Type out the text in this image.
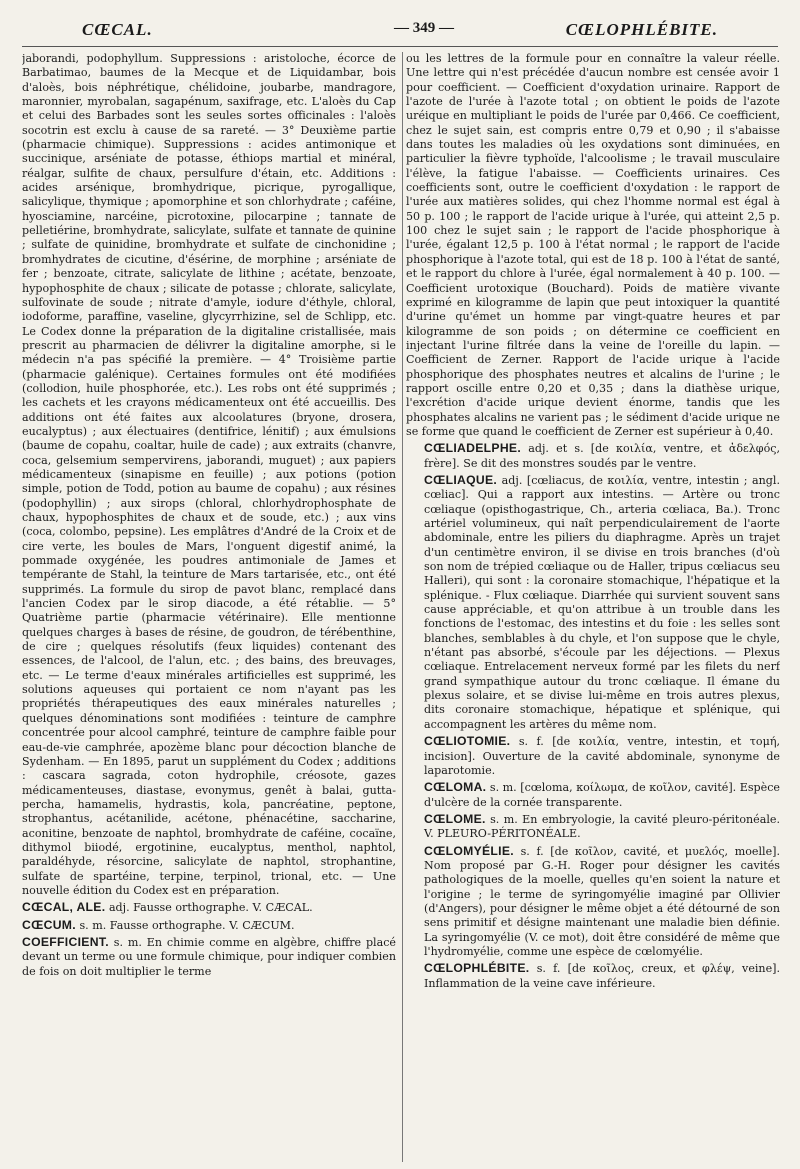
CŒCAL.	— 349 —	CŒLOPHLÉBITE.

jaborandi, podophyllum. Suppressions : aristoloche, écorce de Barbatimao, baumes de la Mecque et de Liquidambar, bois d'aloès, bois néphrétique, chélidoine, joubarbe, mandragore, maronnier, myrobalan, sagapénum, saxifrage, etc. L'aloès du Cap et celui des Barbades sont les seules sortes officinales : l'aloès socotrin est exclu à cause de sa rareté. — 3° Deuxième partie (pharmacie chimique). Suppressions : acides antimonique et succinique, arséniate de potasse, éthiops martial et minéral, réalgar, sulfite de chaux, persulfure d'étain, etc. Additions : acides arsénique, bromhydrique, picrique, pyrogallique, salicylique, thymique ; apomorphine et son chlorhydrate ; caféine, hyosciamine, narcéine, picrotoxine, pilocarpine ; tannate de pelletiérine, bromhydrate, salicylate, sulfate et tannate de quinine ; sulfate de quinidine, bromhydrate et sulfate de cinchonidine ; bromhydrates de cicutine, d'ésérine, de morphine ; arséniate de fer ; benzoate, citrate, salicylate de lithine ; acétate, benzoate, hypophosphite de chaux ; silicate de potasse ; chlorate, salicylate, sulfovinate de soude ; nitrate d'amyle, iodure d'éthyle, chloral, iodoforme, paraffine, vaseline, glycyrrhizine, sel de Schlipp, etc. Le Codex donne la préparation de la digitaline cristallisée, mais prescrit au pharmacien de délivrer la digitaline amorphe, si le médecin n'a pas spécifié la première. — 4° Troisième partie (pharmacie galénique). Certaines formules ont été modifiées (collodion, huile phosphorée, etc.). Les robs ont été supprimés ; les cachets et les crayons médicamenteux ont été accueillis. Des additions ont été faites aux alcoolatures (bryone, drosera, eucalyptus) ; aux électuaires (dentifrice, lénitif) ; aux émulsions (baume de copahu, coaltar, huile de cade) ; aux extraits (chanvre, coca, gelsemium sempervirens, jaborandi, muguet) ; aux papiers médicamenteux (sinapisme en feuille) ; aux potions (potion simple, potion de Todd, potion au baume de copahu) ; aux résines (podophyllin) ; aux sirops (chloral, chlorhydrophosphate de chaux, hypophosphites de chaux et de soude, etc.) ; aux vins (coca, colombo, pepsine). Les emplâtres d'André de la Croix et de cire verte, les boules de Mars, l'onguent digestif animé, la pommade oxygénée, les poudres antimoniale de James et tempérante de Stahl, la teinture de Mars tartarisée, etc., ont été supprimés. La formule du sirop de pavot blanc, remplacé dans l'ancien Codex par le sirop diacode, a été rétablie. — 5° Quatrième partie (pharmacie vétérinaire). Elle mentionne quelques charges à bases de résine, de goudron, de térébenthine, de cire ; quelques résolutifs (feux liquides) contenant des essences, de l'alcool, de l'alun, etc. ; des bains, des breuvages, etc. — Le terme d'eaux minérales artificielles est supprimé, les solutions aqueuses qui portaient ce nom n'ayant pas les propriétés thérapeutiques des eaux minérales naturelles ; quelques dénominations sont modifiées : teinture de camphre concentrée pour alcool camphré, teinture de camphre faible pour eau-de-vie camphrée, apozème blanc pour décoction blanche de Sydenham. — En 1895, parut un supplément du Codex ; additions : cascara sagrada, coton hydrophile, créosote, gazes médicamenteuses, diastase, evonymus, genêt à balai, gutta-percha, hamamelis, hydrastis, kola, pancréatine, peptone, strophantus, acétanilide, acétone, phénacétine, saccharine, aconitine, benzoate de naphtol, bromhydrate de caféine, cocaïne, dithymol biiodé, ergotinine, eucalyptus, menthol, naphtol, paraldéhyde, résorcine, salicylate de naphtol, strophantine, sulfate de spartéine, terpine, terpinol, trional, etc. — Une nouvelle édition du Codex est en préparation.

CŒCAL, ALE. adj. Fausse orthographe. V. CÆCAL.

CŒCUM. s. m. Fausse orthographe. V. CÆCUM.

COEFFICIENT. s. m. En chimie comme en algèbre, chiffre placé devant un terme ou une formule chimique, pour indiquer combien de fois on doit multiplier le terme

ou les lettres de la formule pour en connaître la valeur réelle. Une lettre qui n'est précédée d'aucun nombre est censée avoir 1 pour coefficient. — Coefficient d'oxydation urinaire. Rapport de l'azote de l'urée à l'azote total ; on obtient le poids de l'azote uréique en multipliant le poids de l'urée par 0,466. Ce coefficient, chez le sujet sain, est compris entre 0,79 et 0,90 ; il s'abaisse dans toutes les maladies où les oxydations sont diminuées, en particulier la fièvre typhoïde, l'alcoolisme ; le travail musculaire l'élève, la fatigue l'abaisse. — Coefficients urinaires. Ces coefficients sont, outre le coefficient d'oxydation : le rapport de l'urée aux matières solides, qui chez l'homme normal est égal à 50 p. 100 ; le rapport de l'acide urique à l'urée, qui atteint 2,5 p. 100 chez le sujet sain ; le rapport de l'acide phosphorique à l'urée, égalant 12,5 p. 100 à l'état normal ; le rapport de l'acide phosphorique à l'azote total, qui est de 18 p. 100 à l'état de santé, et le rapport du chlore à l'urée, égal normalement à 40 p. 100. — Coefficient urotoxique (Bouchard). Poids de matière vivante exprimé en kilogramme de lapin que peut intoxiquer la quantité d'urine qu'émet un homme par vingt-quatre heures et par kilogramme de son poids ; on détermine ce coefficient en injectant l'urine filtrée dans la veine de l'oreille du lapin. — Coefficient de Zerner. Rapport de l'acide urique à l'acide phosphorique des phosphates neutres et alcalins de l'urine ; le rapport oscille entre 0,20 et 0,35 ; dans la diathèse urique, l'excrétion d'acide urique devient énorme, tandis que les phosphates alcalins ne varient pas ; le sédiment d'acide urique ne se forme que quand le coefficient de Zerner est supérieur à 0,40.

CŒLIADELPHE. adj. et s. [de κοιλία, ventre, et ἀδελφός, frère]. Se dit des monstres soudés par le ventre.

CŒLIAQUE. adj. [cœliacus, de κοιλία, ventre, intestin ; angl. cœliac]. Qui a rapport aux intestins. — Artère ou tronc cœliaque (opisthogastrique, Ch., arteria cœliaca, Ba.). Tronc artériel volumineux, qui naît perpendiculairement de l'aorte abdominale, entre les piliers du diaphragme. Après un trajet d'un centimètre environ, il se divise en trois branches (d'où son nom de trépied cœliaque ou de Haller, tripus cœliacus seu Halleri), qui sont : la coronaire stomachique, l'hépatique et la splénique. - Flux cœliaque. Diarrhée qui survient souvent sans cause appréciable, et qu'on attribue à un trouble dans les fonctions de l'estomac, des intestins et du foie : les selles sont blanches, semblables à du chyle, et l'on suppose que le chyle, n'étant pas absorbé, s'écoule par les déjections. — Plexus cœliaque. Entrelacement nerveux formé par les filets du nerf grand sympathique autour du tronc cœliaque. Il émane du plexus solaire, et se divise lui-même en trois autres plexus, dits coronaire stomachique, hépatique et splénique, qui accompagnent les artères du même nom.

CŒLIOTOMIE. s. f. [de κοιλία, ventre, intestin, et τομή, incision]. Ouverture de la cavité abdominale, synonyme de laparotomie.

CŒLOMA. s. m. [cœloma, κοίλωμα, de κοῖλον, cavité]. Espèce d'ulcère de la cornée transparente.

CŒLOME. s. m. En embryologie, la cavité pleuro-péritonéale. V. PLEURO-PÉRITONÉALE.

CŒLOMYÉLIE. s. f. [de κοῖλον, cavité, et μυελός, moelle]. Nom proposé par G.-H. Roger pour désigner les cavités pathologiques de la moelle, quelles qu'en soient la nature et l'origine ; le terme de syringomyélie imaginé par Ollivier (d'Angers), pour désigner le même objet a été détourné de son sens primitif et désigne maintenant une maladie bien définie. La syringomyélie (V. ce mot), doit être considéré de même que l'hydromyélie, comme une espèce de cœlomyélie.

CŒLOPHLÉBITE. s. f. [de κοῖλος, creux, et φλέψ, veine]. Inflammation de la veine cave inférieure.
